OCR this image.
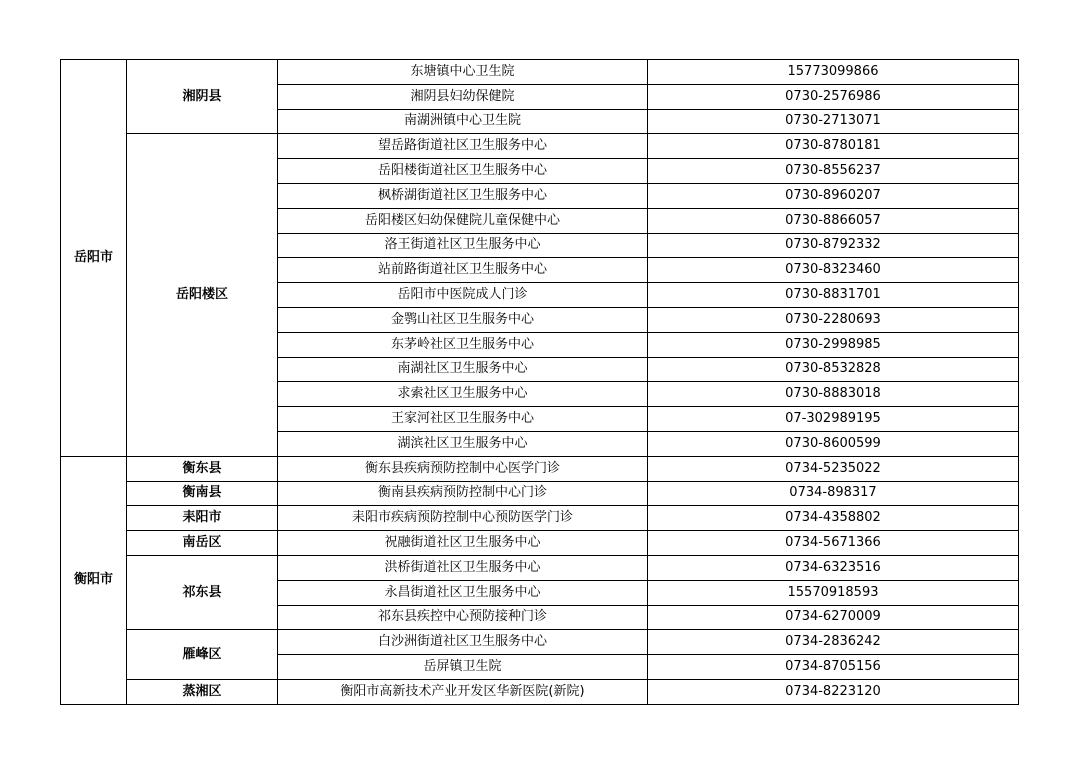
岳阳市	湘阴县	东塘镇中心卫生院	15773099866
		湘阴县妇幼保健院	0730-2576986
		南湖洲镇中心卫生院	0730-2713071
	岳阳楼区	望岳路街道社区卫生服务中心	0730-8780181
		岳阳楼街道社区卫生服务中心	0730-8556237
		枫桥湖街道社区卫生服务中心	0730-8960207
		岳阳楼区妇幼保健院儿童保健中心	0730-8866057
		洛王街道社区卫生服务中心	0730-8792332
		站前路街道社区卫生服务中心	0730-8323460
		岳阳市中医院成人门诊	0730-8831701
		金鹗山社区卫生服务中心	0730-2280693
		东茅岭社区卫生服务中心	0730-2998985
		南湖社区卫生服务中心	0730-8532828
		求索社区卫生服务中心	0730-8883018
		王家河社区卫生服务中心	07-302989195
		湖滨社区卫生服务中心	0730-8600599
衡阳市	衡东县	衡东县疾病预防控制中心医学门诊	0734-5235022
	衡南县	衡南县疾病预防控制中心门诊	0734-898317
	耒阳市	耒阳市疾病预防控制中心预防医学门诊	0734-4358802
	南岳区	祝融街道社区卫生服务中心	0734-5671366
	祁东县	洪桥街道社区卫生服务中心	0734-6323516
		永昌街道社区卫生服务中心	15570918593
		祁东县疾控中心预防接种门诊	0734-6270009
	雁峰区	白沙洲街道社区卫生服务中心	0734-2836242
		岳屏镇卫生院	0734-8705156
	蒸湘区	衡阳市高新技术产业开发区华新医院(新院)	0734-8223120
